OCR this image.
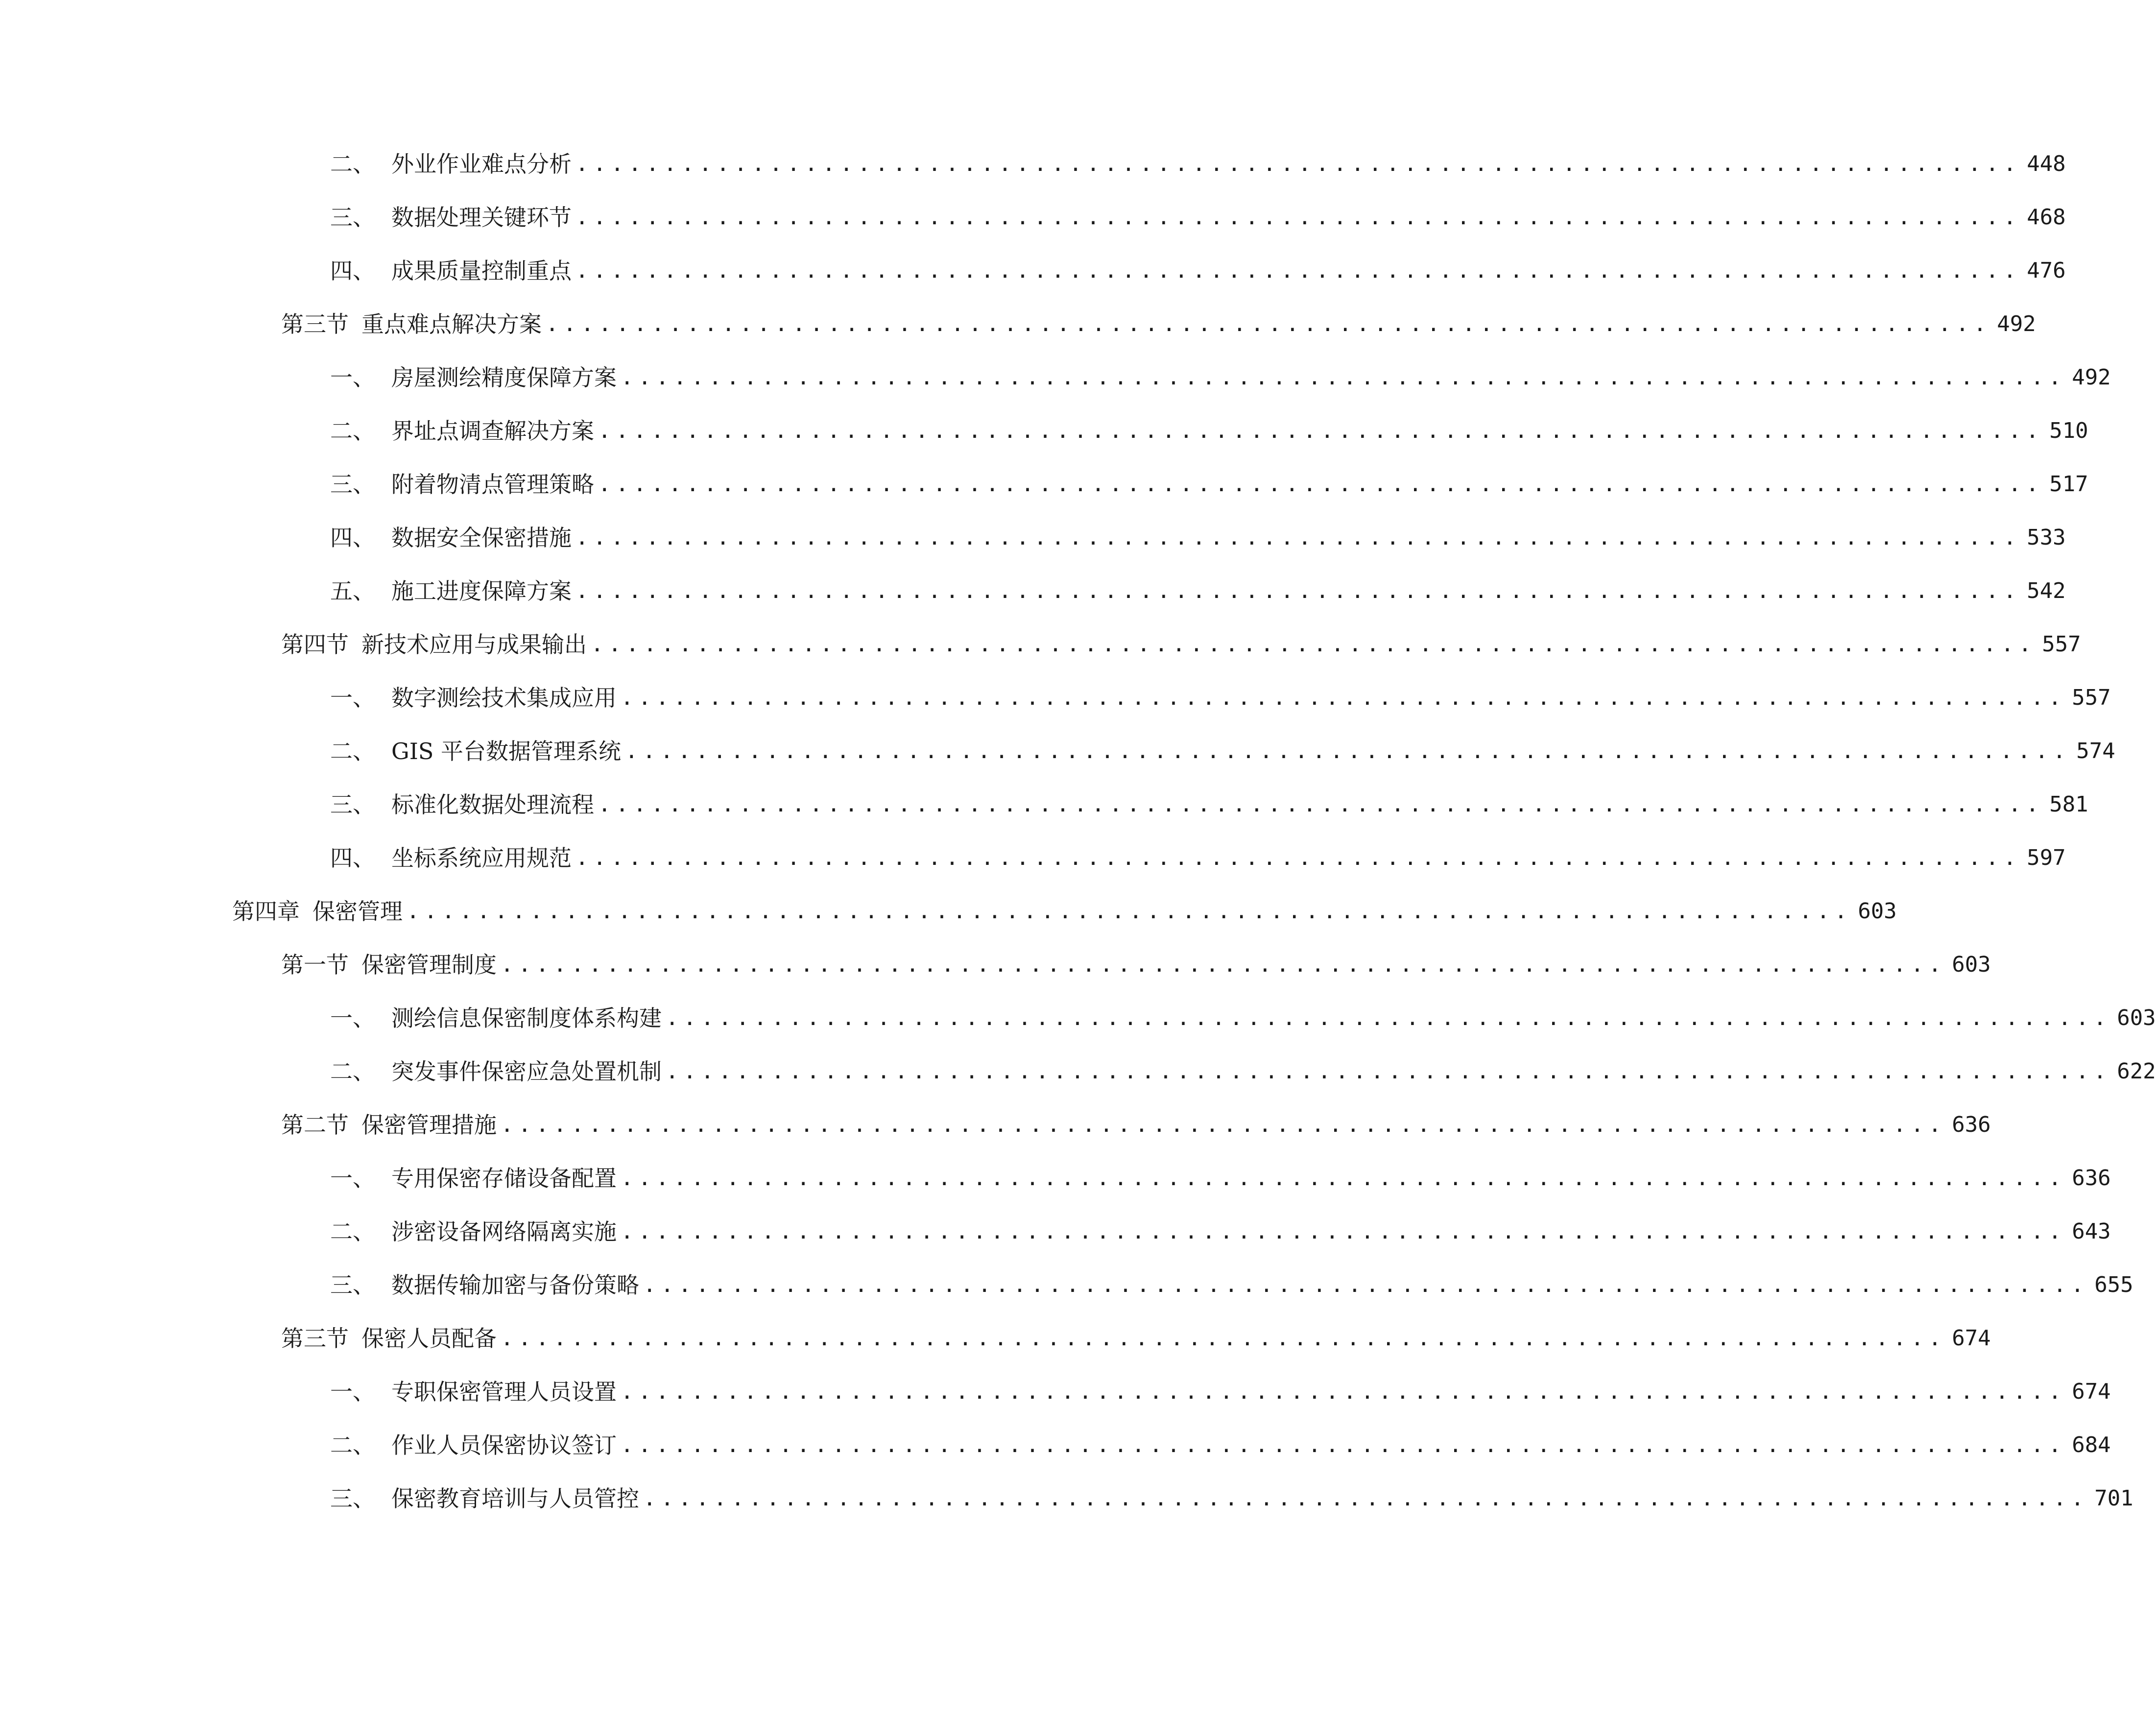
二、 外业作业难点分析 .................................................................................. 448
三、 数据处理关键环节 .................................................................................. 468
四、 成果质量控制重点 .................................................................................. 476
第三节 重点难点解决方案 .................................................................................. 492
一、 房屋测绘精度保障方案 .................................................................................. 492
二、 界址点调查解决方案 .................................................................................. 510
三、 附着物清点管理策略 .................................................................................. 517
四、 数据安全保密措施 .................................................................................. 533
五、 施工进度保障方案 .................................................................................. 542
第四节 新技术应用与成果输出 .................................................................................. 557
一、 数字测绘技术集成应用 .................................................................................. 557
二、 GIS 平台数据管理系统 .................................................................................. 574
三、 标准化数据处理流程 .................................................................................. 581
四、 坐标系统应用规范 .................................................................................. 597
第四章 保密管理 .................................................................................. 603
第一节 保密管理制度 .................................................................................. 603
一、 测绘信息保密制度体系构建 .................................................................................. 603
二、 突发事件保密应急处置机制 .................................................................................. 622
第二节 保密管理措施 .................................................................................. 636
一、 专用保密存储设备配置 .................................................................................. 636
二、 涉密设备网络隔离实施 .................................................................................. 643
三、 数据传输加密与备份策略 .................................................................................. 655
第三节 保密人员配备 .................................................................................. 674
一、 专职保密管理人员设置 .................................................................................. 674
二、 作业人员保密协议签订 .................................................................................. 684
三、 保密教育培训与人员管控 .................................................................................. 701
